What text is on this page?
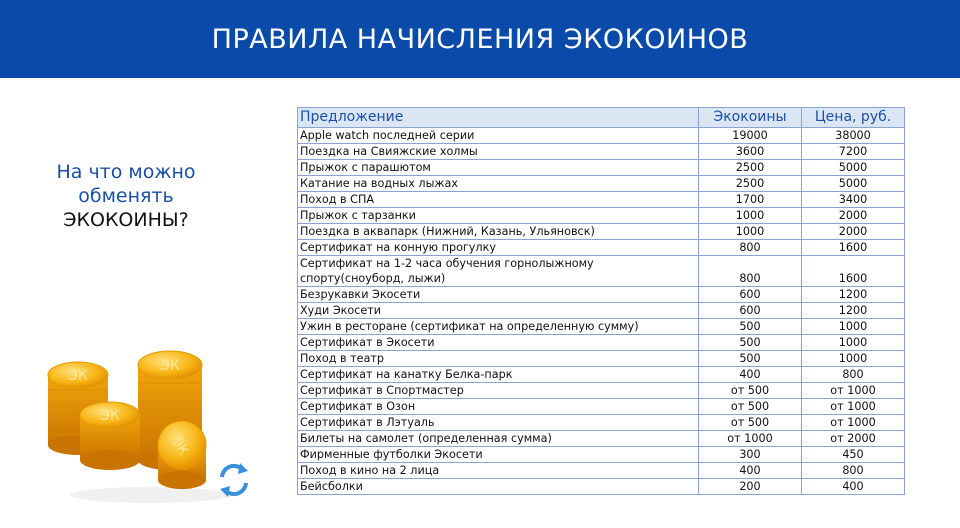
ПРАВИЛА НАЧИСЛЕНИЯ ЭКОКОИНОВ
На что можно
обменять
ЭКОКОИНЫ?
ЭК
ЭК
ЭК
ЭК
Предложение	Экокоины	Цена, руб.
Apple watch последней серии	19000	38000
Поездка на Свияжские холмы	3600	7200
Прыжок с парашютом	2500	5000
Катание на водных лыжах	2500	5000
Поход в СПА	1700	3400
Прыжок с тарзанки	1000	2000
Поездка в аквапарк (Нижний, Казань, Ульяновск)	1000	2000
Сертификат на конную прогулку	800	1600
Сертификат на 1-2 часа обучения горнолыжному спорту(сноуборд, лыжи)	800	1600
Безрукавки Экосети	600	1200
Худи Экосети	600	1200
Ужин в ресторане (сертификат на определенную сумму)	500	1000
Сертификат в Экосети	500	1000
Поход в театр	500	1000
Сертификат на канатку Белка-парк	400	800
Сертификат в Спортмастер	от 500	от 1000
Сертификат в Озон	от 500	от 1000
Сертификат в Лэтуаль	от 500	от 1000
Билеты на самолет (определенная сумма)	от 1000	от 2000
Фирменные футболки Экосети	300	450
Поход в кино на 2 лица	400	800
Бейсболки	200	400
